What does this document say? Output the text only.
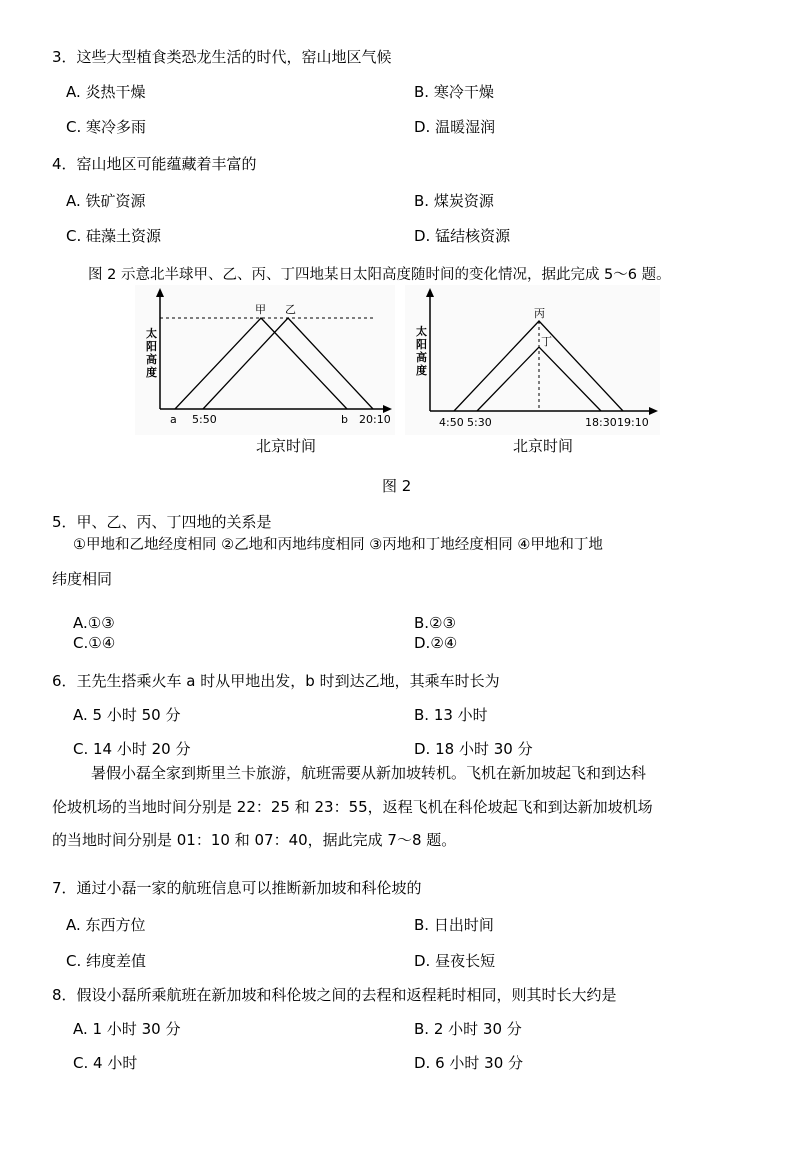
3．这些大型植食类恐龙生活的时代，窑山地区气候
A. 炎热干燥	B. 寒冷干燥
C. 寒冷多雨	D. 温暖湿润
4．窑山地区可能蕴藏着丰富的
A. 铁矿资源	B. 煤炭资源
C. 硅藻土资源	D. 锰结核资源
图 2 示意北半球甲、乙、丙、丁四地某日太阳高度随时间的变化情况，据此完成 5～6 题。
太
阳
高
度
甲 乙
a 5:50	b 20:10
北京时间
太
阳
高
度
丙
丁
4:50 5:30	18:30 19:10
北京时间
图 2
5．甲、乙、丙、丁四地的关系是
①甲地和乙地经度相同 ②乙地和丙地纬度相同 ③丙地和丁地经度相同 ④甲地和丁地
纬度相同
A.①③	B.②③
C.①④	D.②④
6．王先生搭乘火车 a 时从甲地出发，b 时到达乙地，其乘车时长为
A. 5 小时 50 分	B. 13 小时
C. 14 小时 20 分	D. 18 小时 30 分
暑假小磊全家到斯里兰卡旅游，航班需要从新加坡转机。飞机在新加坡起飞和到达科
伦坡机场的当地时间分别是 22：25 和 23：55，返程飞机在科伦坡起飞和到达新加坡机场
的当地时间分别是 01：10 和 07：40，据此完成 7～8 题。
7．通过小磊一家的航班信息可以推断新加坡和科伦坡的
A. 东西方位	B. 日出时间
C. 纬度差值	D. 昼夜长短
8．假设小磊所乘航班在新加坡和科伦坡之间的去程和返程耗时相同，则其时长大约是
A. 1 小时 30 分	B. 2 小时 30 分
C. 4 小时	D. 6 小时 30 分
